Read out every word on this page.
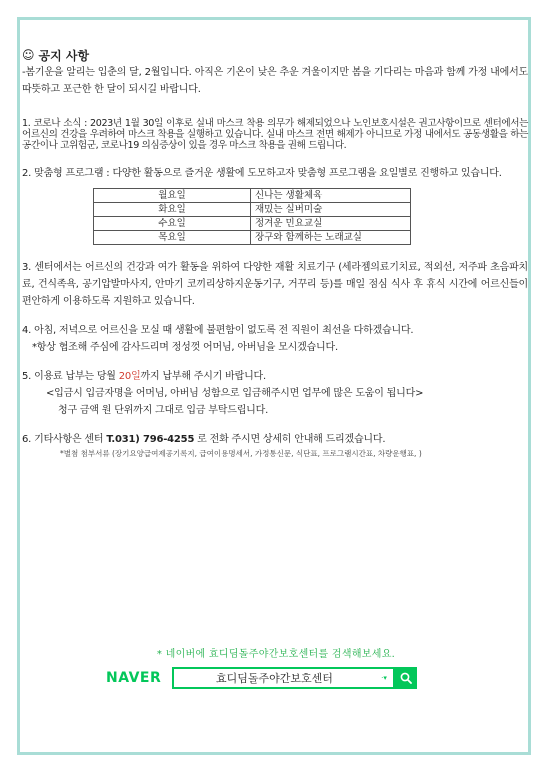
☺ 공지 사항

-봄기운을 알리는 입춘의 달, 2월입니다. 아직은 기온이 낮은 추운 겨울이지만 봄을 기다리는 마음과 함께 가정 내에서도 따뜻하고 포근한 한 달이 되시길 바랍니다.

1. 코로나 소식 : 2023년 1월 30일 이후로 실내 마스크 착용 의무가 해제되었으나 노인보호시설은 권고사항이므로 센터에서는 어르신의 건강을 우려하여 마스크 착용을 실행하고 있습니다. 실내 마스크 전면 해제가 아니므로 가정 내에서도 공동생활을 하는 공간이나 고위험군, 코로나19 의심증상이 있을 경우 마스크 착용을 권해 드립니다.

2. 맞춤형 프로그램 : 다양한 활동으로 즐거운 생활에 도모하고자 맞춤형 프로그램을 요일별로 진행하고 있습니다.

월요일	신나는 생활체육
화요일	재밌는 실버미술
수요일	정겨운 민요교실
목요일	장구와 함께하는 노래교실

3. 센터에서는 어르신의 건강과 여가 활동을 위하여 다양한 재활 치료기구 (세라젬의료기치료, 적외선, 저주파 초음파치료, 건식족욕, 공기압발마사지, 안마기 코끼리상하지운동기구, 거꾸리 등)를 매일 점심 식사 후 휴식 시간에 어르신들이 편안하게 이용하도록 지원하고 있습니다.

4. 아침, 저녁으로 어르신을 모실 때 생활에 불편함이 없도록 전 직원이 최선을 다하겠습니다.

*항상 협조해 주심에 감사드리며 정성껏 어머님, 아버님을 모시겠습니다.

5. 이용료 납부는 당월 20일까지 납부해 주시기 바랍니다.

<입금시 입금자명을 어머님, 아버님 성함으로 입금해주시면 업무에 많은 도움이 됩니다>

청구 금액 원 단위까지 그대로 입금 부탁드립니다.

6. 기타사항은 센터 T.031) 796-4255 로 전화 주시면 상세히 안내해 드리겠습니다.

*별첨 첨부서류 (장기요양급여제공기록지, 급여이용명세서, 가정통신문, 식단표, 프로그램시간표, 차량운행표, )
* 네이버에 효디딤돌주야간보호센터를 검색해보세요.
NAVER	효디딤돌주야간보호센터	·▾
